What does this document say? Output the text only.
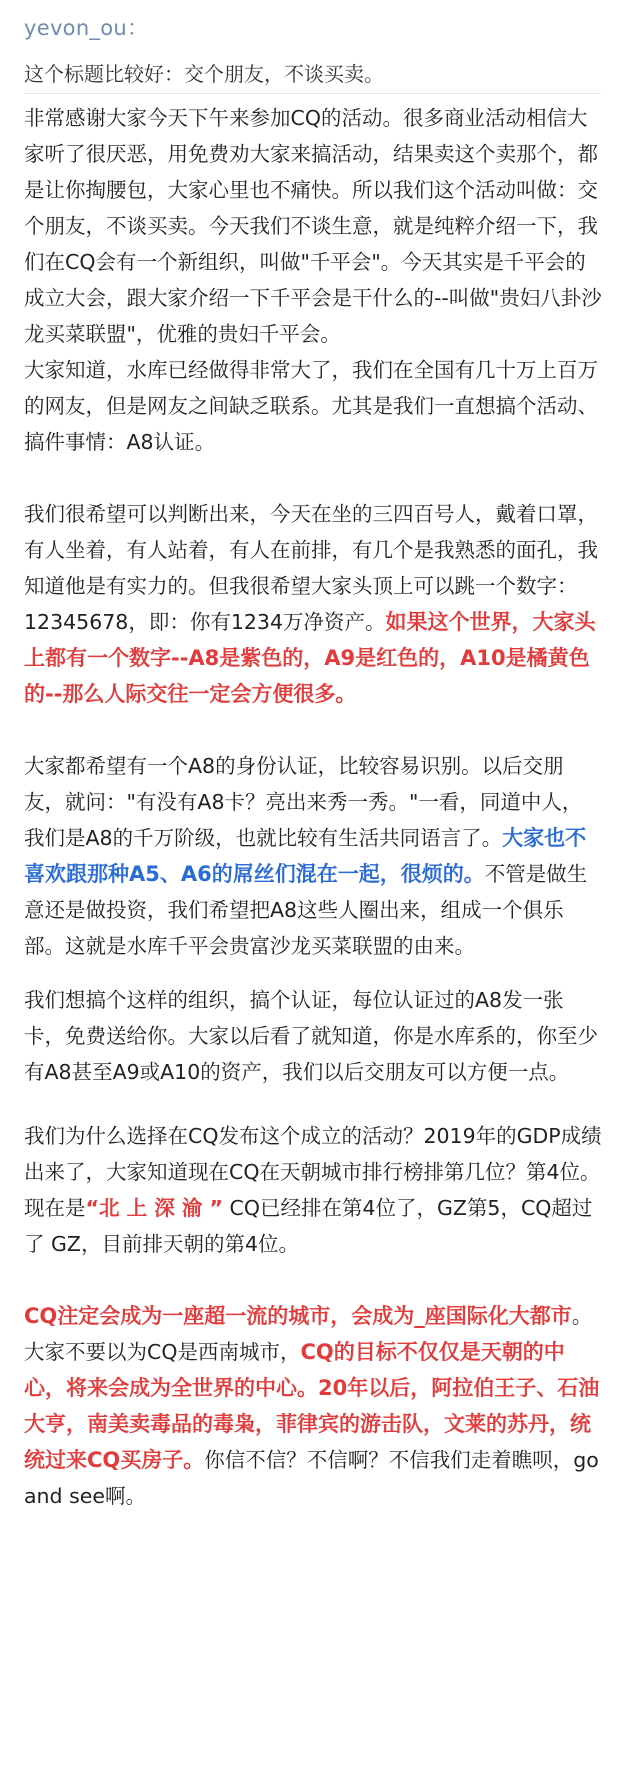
yevon_ou：
这个标题比较好：交个朋友，不谈买卖。

非常感谢大家今天下午来参加CQ的活动。很多商业活动相信大家听了很厌恶，用免费劝大家来搞活动，结果卖这个卖那个，都是让你掏腰包，大家心里也不痛快。所以我们这个活动叫做：交个朋友，不谈买卖。今天我们不谈生意，就是纯粹介绍一下，我们在CQ会有一个新组织，叫做"千平会"。今天其实是千平会的成立大会，跟大家介绍一下千平会是干什么的--叫做"贵妇八卦沙龙买菜联盟"，优雅的贵妇千平会。

大家知道，水库已经做得非常大了，我们在全国有几十万上百万的网友，但是网友之间缺乏联系。尤其是我们一直想搞个活动、搞件事情：A8认证。

我们很希望可以判断出来，今天在坐的三四百号人，戴着口罩，有人坐着，有人站着，有人在前排，有几个是我熟悉的面孔，我知道他是有实力的。但我很希望大家头顶上可以跳一个数字：12345678，即：你有1234万净资产。如果这个世界，大家头上都有一个数字--A8是紫色的，A9是红色的，A10是橘黄色的--那么人际交往一定会方便很多。

大家都希望有一个A8的身份认证，比较容易识别。以后交朋友，就问："有没有A8卡？亮出来秀一秀。"一看，同道中人，我们是A8的千万阶级，也就比较有生活共同语言了。大家也不喜欢跟那种A5、A6的屌丝们混在一起，很烦的。不管是做生意还是做投资，我们希望把A8这些人圈出来，组成一个俱乐部。这就是水库千平会贵富沙龙买菜联盟的由来。

我们想搞个这样的组织，搞个认证，每位认证过的A8发一张卡，免费送给你。大家以后看了就知道，你是水库系的，你至少有A8甚至A9或A10的资产，我们以后交朋友可以方便一点。

我们为什么选择在CQ发布这个成立的活动？2019年的GDP成绩出来了，大家知道现在CQ在天朝城市排行榜排第几位？第4位。现在是“北 上 深 渝 ” CQ已经排在第4位了，GZ第5，CQ超过了 GZ，目前排天朝的第4位。

CQ注定会成为一座超一流的城市，会成为_座国际化大都市。大家不要以为CQ是西南城市，CQ的目标不仅仅是天朝的中心，将来会成为全世界的中心。20年以后，阿拉伯王子、石油大亨，南美卖毒品的毒枭，菲律宾的游击队，文莱的苏丹，统统过来CQ买房子。你信不信？不信啊？不信我们走着瞧呗，go and see啊。
